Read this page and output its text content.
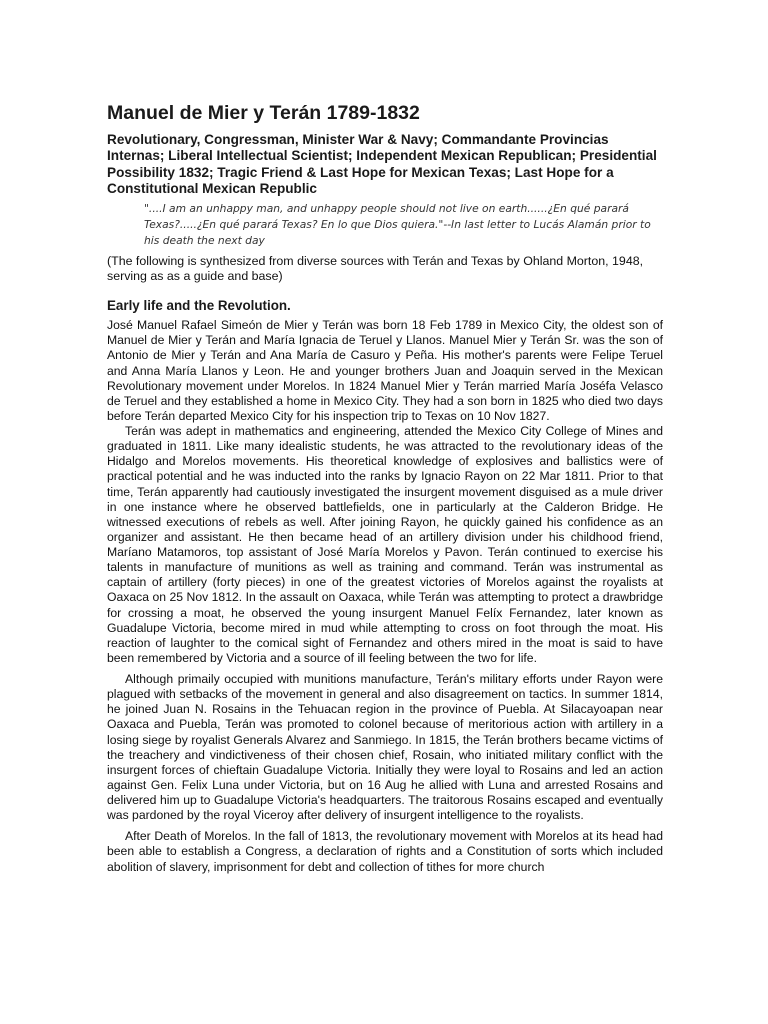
Manuel de Mier y Terán 1789-1832

Revolutionary, Congressman, Minister War & Navy; Commandante Provincias Internas; Liberal Intellectual Scientist; Independent Mexican Republican; Presidential Possibility 1832; Tragic Friend & Last Hope for Mexican Texas; Last Hope for a Constitutional Mexican Republic

"....I am an unhappy man, and unhappy people should not live on earth......¿En qué parará Texas?.....¿En qué parará Texas? En lo que Dios quiera."--In last letter to Lucás Alamán prior to his death the next day

(The following is synthesized from diverse sources with Terán and Texas by Ohland Morton, 1948, serving as as a guide and base)

Early life and the Revolution.

José Manuel Rafael Simeón de Mier y Terán was born 18 Feb 1789 in Mexico City, the oldest son of Manuel de Mier y Terán and María Ignacia de Teruel y Llanos. Manuel Mier y Terán Sr. was the son of Antonio de Mier y Terán and Ana María de Casuro y Peña. His mother's parents were Felipe Teruel and Anna María Llanos y Leon. He and younger brothers Juan and Joaquin served in the Mexican Revolutionary movement under Morelos. In 1824 Manuel Mier y Terán married María Joséfa Velasco de Teruel and they established a home in Mexico City. They had a son born in 1825 who died two days before Terán departed Mexico City for his inspection trip to Texas on 10 Nov 1827.

Terán was adept in mathematics and engineering, attended the Mexico City College of Mines and graduated in 1811. Like many idealistic students, he was attracted to the revolutionary ideas of the Hidalgo and Morelos movements. His theoretical knowledge of explosives and ballistics were of practical potential and he was inducted into the ranks by Ignacio Rayon on 22 Mar 1811. Prior to that time, Terán apparently had cautiously investigated the insurgent movement disguised as a mule driver in one instance where he observed battlefields, one in particularly at the Calderon Bridge. He witnessed executions of rebels as well. After joining Rayon, he quickly gained his confidence as an organizer and assistant. He then became head of an artillery division under his childhood friend, Maríano Matamoros, top assistant of José María Morelos y Pavon. Terán continued to exercise his talents in manufacture of munitions as well as training and command. Terán was instrumental as captain of artillery (forty pieces) in one of the greatest victories of Morelos against the royalists at Oaxaca on 25 Nov 1812. In the assault on Oaxaca, while Terán was attempting to protect a drawbridge for crossing a moat, he observed the young insurgent Manuel Felíx Fernandez, later known as Guadalupe Victoria, become mired in mud while attempting to cross on foot through the moat. His reaction of laughter to the comical sight of Fernandez and others mired in the moat is said to have been remembered by Victoria and a source of ill feeling between the two for life.

Although primaily occupied with munitions manufacture, Terán's military efforts under Rayon were plagued with setbacks of the movement in general and also disagreement on tactics. In summer 1814, he joined Juan N. Rosains in the Tehuacan region in the province of Puebla. At Silacayoapan near Oaxaca and Puebla, Terán was promoted to colonel because of meritorious action with artillery in a losing siege by royalist Generals Alvarez and Sanmiego. In 1815, the Terán brothers became victims of the treachery and vindictiveness of their chosen chief, Rosain, who initiated military conflict with the insurgent forces of chieftain Guadalupe Victoria. Initially they were loyal to Rosains and led an action against Gen. Felix Luna under Victoria, but on 16 Aug he allied with Luna and arrested Rosains and delivered him up to Guadalupe Victoria's headquarters. The traitorous Rosains escaped and eventually was pardoned by the royal Viceroy after delivery of insurgent intelligence to the royalists.

After Death of Morelos. In the fall of 1813, the revolutionary movement with Morelos at its head had been able to establish a Congress, a declaration of rights and a Constitution of sorts which included abolition of slavery, imprisonment for debt and collection of tithes for more church
